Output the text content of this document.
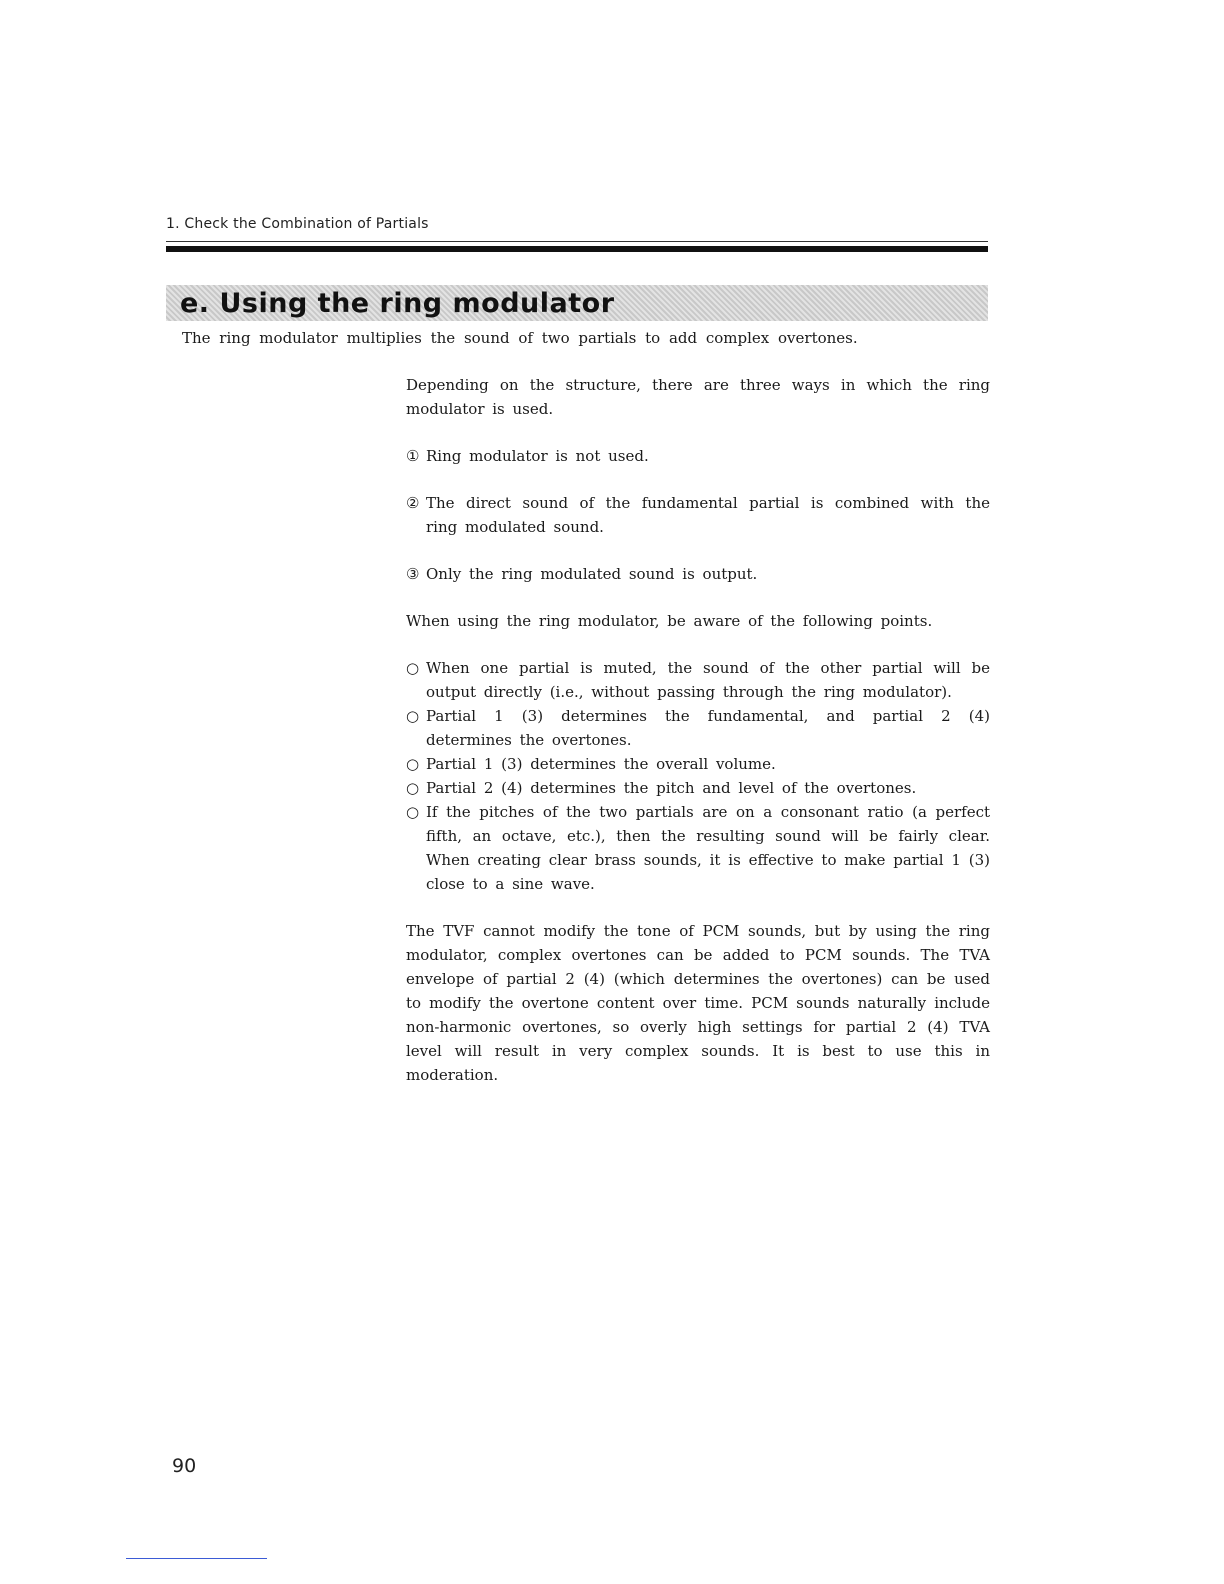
1. Check the Combination of Partials
e. Using the ring modulator
The ring modulator multiplies the sound of two partials to add complex overtones.

Depending on the structure, there are three ways in which the ring modulator is used.

① Ring modulator is not used.

② The direct sound of the fundamental partial is combined with the ring modulated sound.

③ Only the ring modulated sound is output.

When using the ring modulator, be aware of the following points.

○ When one partial is muted, the sound of the other partial will be output directly (i.e., without passing through the ring modulator).

○ Partial 1 (3) determines the fundamental, and partial 2 (4) determines the overtones.

○ Partial 1 (3) determines the overall volume.

○ Partial 2 (4) determines the pitch and level of the overtones.

○ If the pitches of the two partials are on a consonant ratio (a perfect fifth, an octave, etc.), then the resulting sound will be fairly clear. When creating clear brass sounds, it is effective to make partial 1 (3) close to a sine wave.

The TVF cannot modify the tone of PCM sounds, but by using the ring modulator, complex overtones can be added to PCM sounds. The TVA envelope of partial 2 (4) (which determines the overtones) can be used to modify the overtone content over time. PCM sounds naturally include non-harmonic overtones, so overly high settings for partial 2 (4) TVA level will result in very complex sounds. It is best to use this in moderation.

90
